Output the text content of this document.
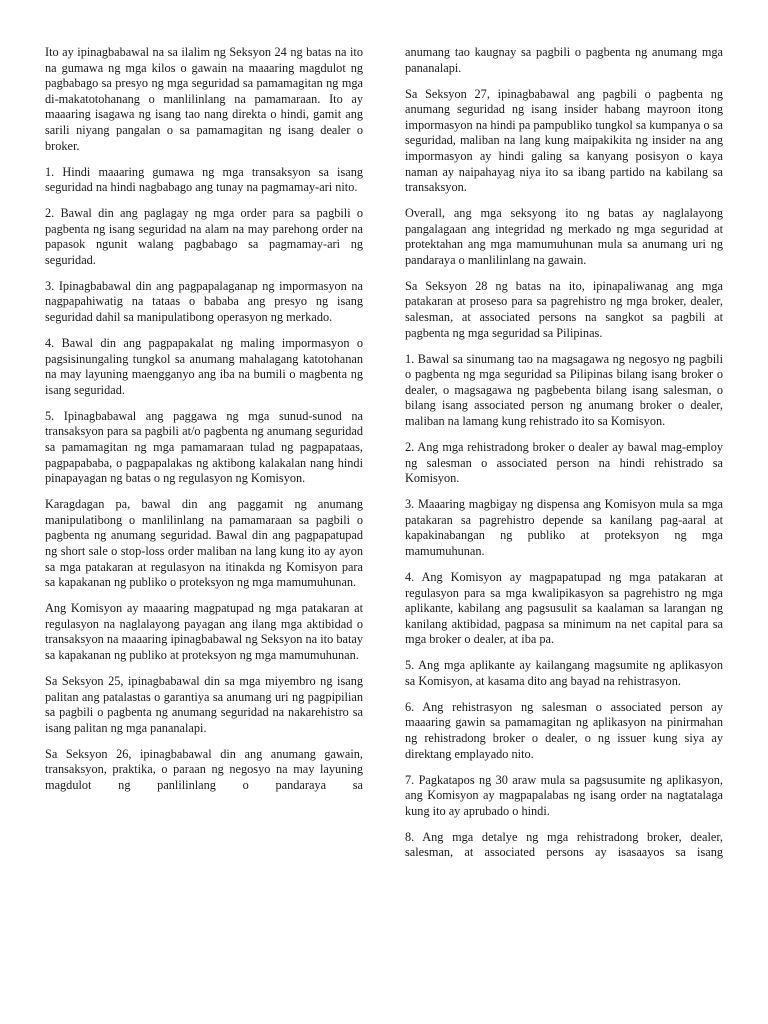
Ito ay ipinagbabawal na sa ilalim ng Seksyon 24 ng batas na ito na gumawa ng mga kilos o gawain na maaaring magdulot ng pagbabago sa presyo ng mga seguridad sa pamamagitan ng mga di-makatotohanang o manlilinlang na pamamaraan. Ito ay maaaring isagawa ng isang tao nang direkta o hindi, gamit ang sarili niyang pangalan o sa pamamagitan ng isang dealer o broker.

1. Hindi maaaring gumawa ng mga transaksyon sa isang seguridad na hindi nagbabago ang tunay na pagmamay-ari nito.

2. Bawal din ang paglagay ng mga order para sa pagbili o pagbenta ng isang seguridad na alam na may parehong order na papasok ngunit walang pagbabago sa pagmamay-ari ng seguridad.

3. Ipinagbabawal din ang pagpapalaganap ng impormasyon na nagpapahiwatig na tataas o bababa ang presyo ng isang seguridad dahil sa manipulatibong operasyon ng merkado.

4. Bawal din ang pagpapakalat ng maling impormasyon o pagsisinungaling tungkol sa anumang mahalagang katotohanan na may layuning maengganyo ang iba na bumili o magbenta ng isang seguridad.

5. Ipinagbabawal ang paggawa ng mga sunud-sunod na transaksyon para sa pagbili at/o pagbenta ng anumang seguridad sa pamamagitan ng mga pamamaraan tulad ng pagpapataas, pagpapababa, o pagpapalakas ng aktibong kalakalan nang hindi pinapayagan ng batas o ng regulasyon ng Komisyon.

Karagdagan pa, bawal din ang paggamit ng anumang manipulatibong o manlilinlang na pamamaraan sa pagbili o pagbenta ng anumang seguridad. Bawal din ang pagpapatupad ng short sale o stop-loss order maliban na lang kung ito ay ayon sa mga patakaran at regulasyon na itinakda ng Komisyon para sa kapakanan ng publiko o proteksyon ng mga mamumuhunan.

Ang Komisyon ay maaaring magpatupad ng mga patakaran at regulasyon na naglalayong payagan ang ilang mga aktibidad o transaksyon na maaaring ipinagbabawal ng Seksyon na ito batay sa kapakanan ng publiko at proteksyon ng mga mamumuhunan.

Sa Seksyon 25, ipinagbabawal din sa mga miyembro ng isang palitan ang patalastas o garantiya sa anumang uri ng pagpipilian sa pagbili o pagbenta ng anumang seguridad na nakarehistro sa isang palitan ng mga pananalapi.

Sa Seksyon 26, ipinagbabawal din ang anumang gawain, transaksyon, praktika, o paraan ng negosyo na may layuning magdulot ng panlilinlang o pandaraya sa

anumang tao kaugnay sa pagbili o pagbenta ng anumang mga pananalapi.

Sa Seksyon 27, ipinagbabawal ang pagbili o pagbenta ng anumang seguridad ng isang insider habang mayroon itong impormasyon na hindi pa pampubliko tungkol sa kumpanya o sa seguridad, maliban na lang kung maipakikita ng insider na ang impormasyon ay hindi galing sa kanyang posisyon o kaya naman ay naipahayag niya ito sa ibang partido na kabilang sa transaksyon.

Overall, ang mga seksyong ito ng batas ay naglalayong pangalagaan ang integridad ng merkado ng mga seguridad at protektahan ang mga mamumuhunan mula sa anumang uri ng pandaraya o manlilinlang na gawain.

Sa Seksyon 28 ng batas na ito, ipinapaliwanag ang mga patakaran at proseso para sa pagrehistro ng mga broker, dealer, salesman, at associated persons na sangkot sa pagbili at pagbenta ng mga seguridad sa Pilipinas.

1. Bawal sa sinumang tao na magsagawa ng negosyo ng pagbili o pagbenta ng mga seguridad sa Pilipinas bilang isang broker o dealer, o magsagawa ng pagbebenta bilang isang salesman, o bilang isang associated person ng anumang broker o dealer, maliban na lamang kung rehistrado ito sa Komisyon.

2. Ang mga rehistradong broker o dealer ay bawal mag-employ ng salesman o associated person na hindi rehistrado sa Komisyon.

3. Maaaring magbigay ng dispensa ang Komisyon mula sa mga patakaran sa pagrehistro depende sa kanilang pag-aaral at kapakinabangan ng publiko at proteksyon ng mga mamumuhunan.

4. Ang Komisyon ay magpapatupad ng mga patakaran at regulasyon para sa mga kwalipikasyon sa pagrehistro ng mga aplikante, kabilang ang pagsusulit sa kaalaman sa larangan ng kanilang aktibidad, pagpasa sa minimum na net capital para sa mga broker o dealer, at iba pa.

5. Ang mga aplikante ay kailangang magsumite ng aplikasyon sa Komisyon, at kasama dito ang bayad na rehistrasyon.

6. Ang rehistrasyon ng salesman o associated person ay maaaring gawin sa pamamagitan ng aplikasyon na pinirmahan ng rehistradong broker o dealer, o ng issuer kung siya ay direktang emplayado nito.

7. Pagkatapos ng 30 araw mula sa pagsusumite ng aplikasyon, ang Komisyon ay magpapalabas ng isang order na nagtatalaga kung ito ay aprubado o hindi.

8. Ang mga detalye ng mga rehistradong broker, dealer, salesman, at associated persons ay isasaayos sa isang
